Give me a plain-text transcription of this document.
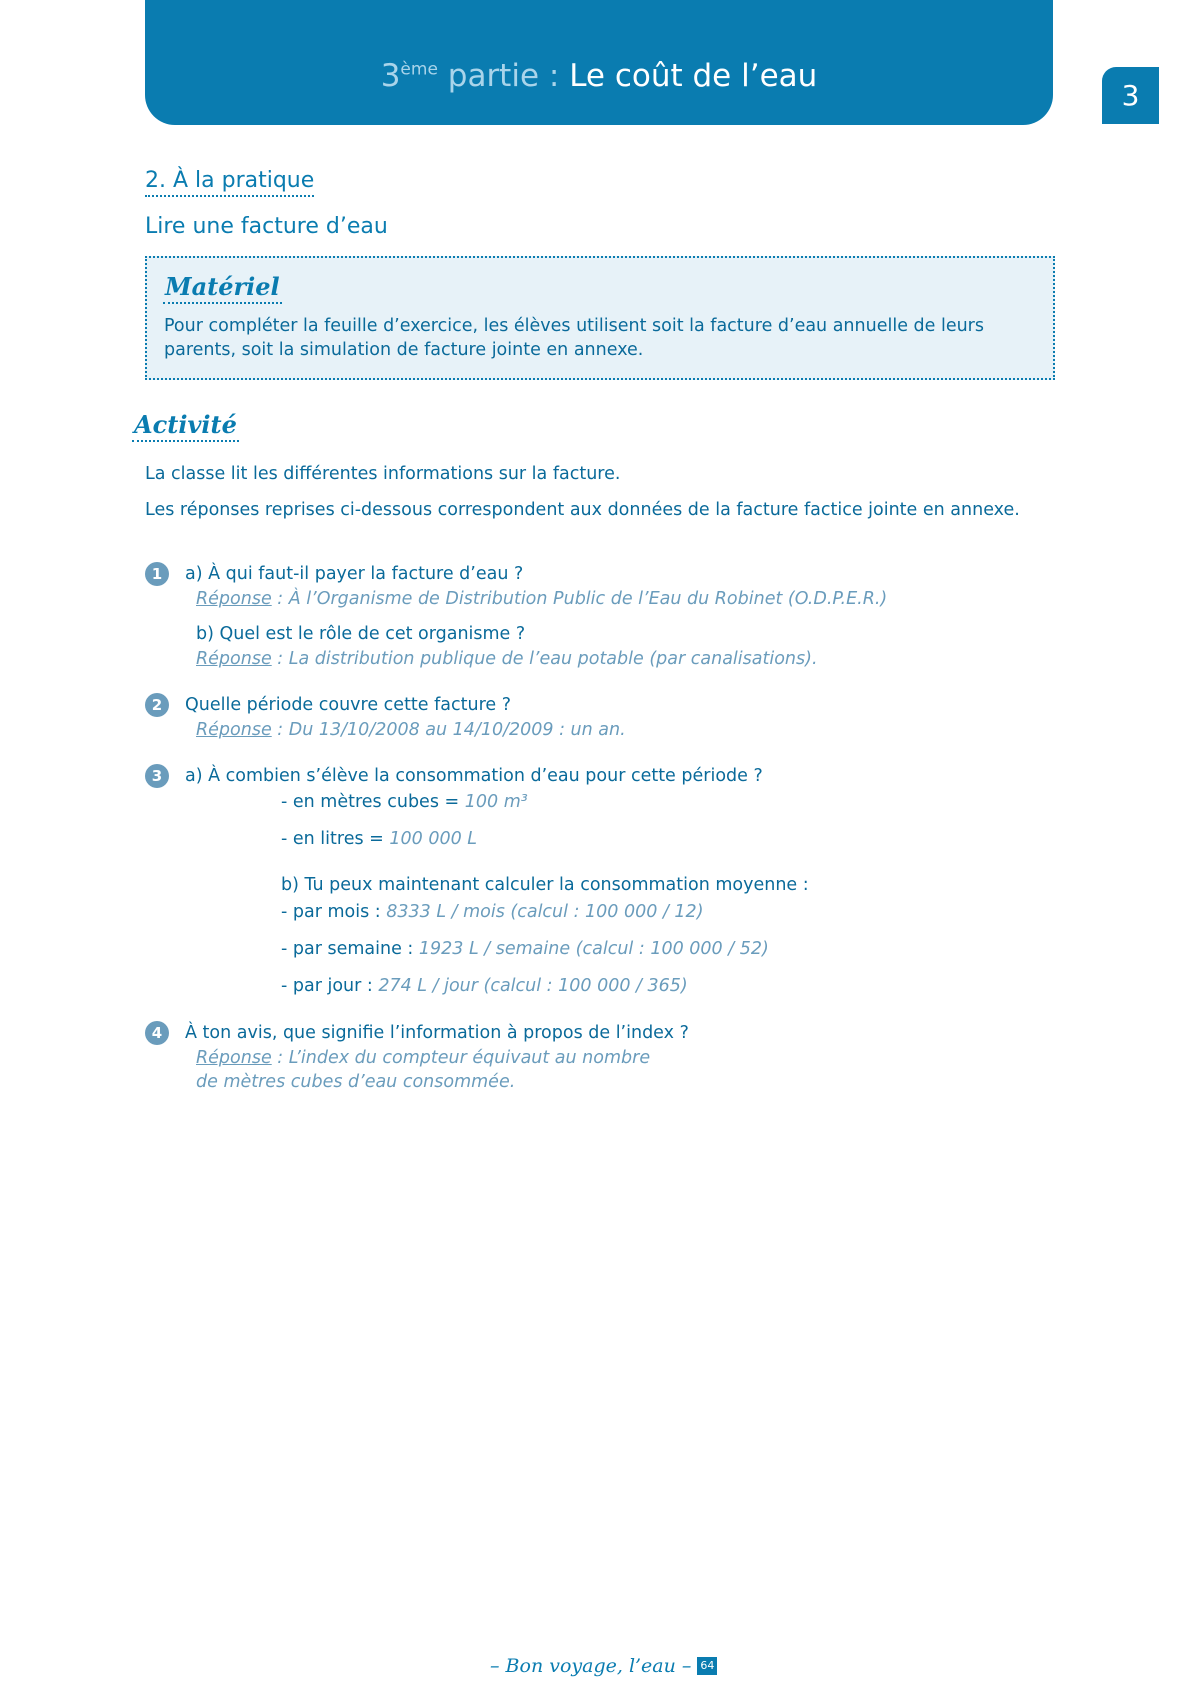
3ème partie : Le coût de l’eau
3
2. À la pratique
Lire une facture d’eau
Matériel
Pour compléter la feuille d’exercice, les élèves utilisent soit la facture d’eau annuelle de leurs parents, soit la simulation de facture jointe en annexe.
Activité
La classe lit les différentes informations sur la facture.
Les réponses reprises ci-dessous correspondent aux données de la facture factice jointe en annexe.
1	a) À qui faut-il payer la facture d’eau ?
Réponse : À l’Organisme de Distribution Public de l’Eau du Robinet (O.D.P.E.R.)
b) Quel est le rôle de cet organisme ?
Réponse : La distribution publique de l’eau potable (par canalisations).
2	Quelle période couvre cette facture ?
Réponse : Du 13/10/2008 au 14/10/2009 : un an.
3	a) À combien s’élève la consommation d’eau pour cette période ?
- en mètres cubes = 100 m³
- en litres = 100 000 L
b) Tu peux maintenant calculer la consommation moyenne :
- par mois : 8333 L / mois (calcul : 100 000 / 12)
- par semaine : 1923 L / semaine (calcul : 100 000 / 52)
- par jour : 274 L / jour (calcul : 100 000 / 365)
4	À ton avis, que signifie l’information à propos de l’index ?
Réponse : L’index du compteur équivaut au nombre
de mètres cubes d’eau consommée.
– Bon voyage, l’eau – 64
